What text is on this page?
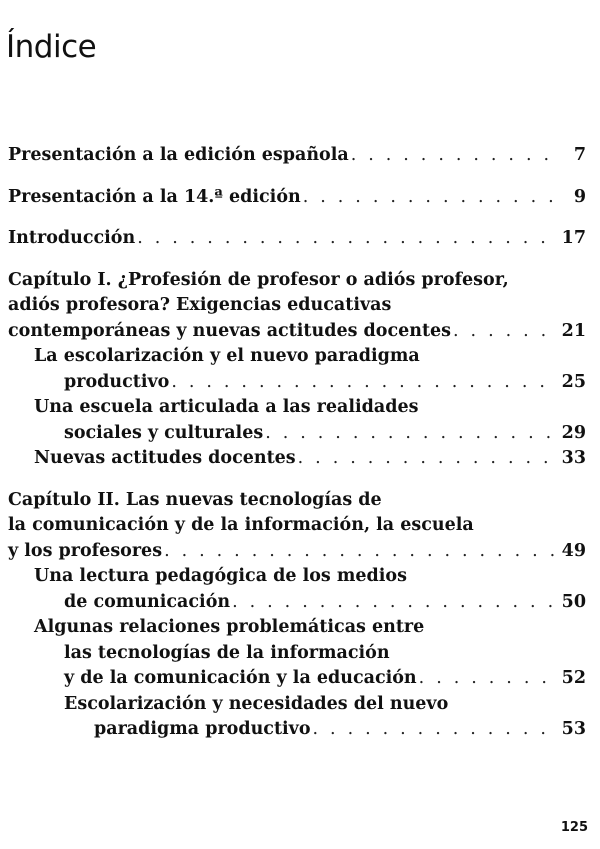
Índice
Presentación a la edición española . . .	7
Presentación a la 14.ª edición . . .	9
Introducción . . .	17
Capítulo I. ¿Profesión de profesor o adiós profesor,
adiós profesora? Exigencias educativas
contemporáneas y nuevas actitudes docentes . . .	21
La escolarización y el nuevo paradigma
productivo . . .	25
Una escuela articulada a las realidades
sociales y culturales . . .	29
Nuevas actitudes docentes . . .	33
Capítulo II. Las nuevas tecnologías de
la comunicación y de la información, la escuela
y los profesores . . .	49
Una lectura pedagógica de los medios
de comunicación . . .	50
Algunas relaciones problemáticas entre
las tecnologías de la información
y de la comunicación y la educación . . .	52
Escolarización y necesidades del nuevo
paradigma productivo . . .	53
125
